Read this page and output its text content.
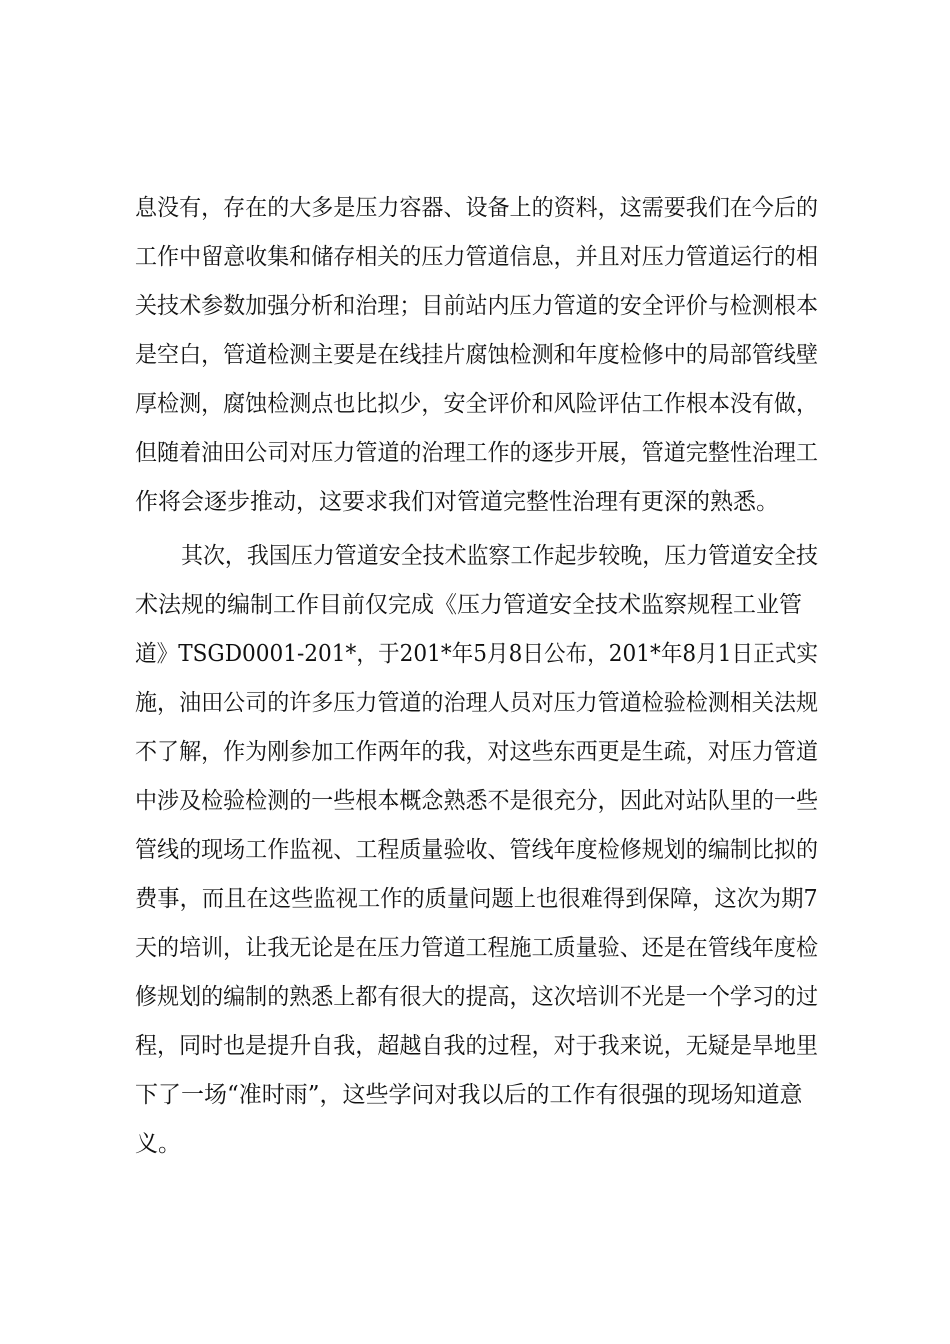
息没有，存在的大多是压力容器、设备上的资料，这需要我们在今后的
工作中留意收集和储存相关的压力管道信息，并且对压力管道运行的相
关技术参数加强分析和治理；目前站内压力管道的安全评价与检测根本
是空白，管道检测主要是在线挂片腐蚀检测和年度检修中的局部管线壁
厚检测，腐蚀检测点也比拟少，安全评价和风险评估工作根本没有做，
但随着油田公司对压力管道的治理工作的逐步开展，管道完整性治理工
作将会逐步推动，这要求我们对管道完整性治理有更深的熟悉。
其次，我国压力管道安全技术监察工作起步较晚，压力管道安全技
术法规的编制工作目前仅完成《压力管道安全技术监察规程工业管
道》TSGD0001-201*，于201*年5月8日公布，201*年8月1日正式实
施，油田公司的许多压力管道的治理人员对压力管道检验检测相关法规
不了解，作为刚参加工作两年的我，对这些东西更是生疏，对压力管道
中涉及检验检测的一些根本概念熟悉不是很充分，因此对站队里的一些
管线的现场工作监视、工程质量验收、管线年度检修规划的编制比拟的
费事，而且在这些监视工作的质量问题上也很难得到保障，这次为期7
天的培训，让我无论是在压力管道工程施工质量验、还是在管线年度检
修规划的编制的熟悉上都有很大的提高，这次培训不光是一个学习的过
程，同时也是提升自我，超越自我的过程，对于我来说，无疑是旱地里
下了一场“准时雨”，这些学问对我以后的工作有很强的现场知道意
义。
